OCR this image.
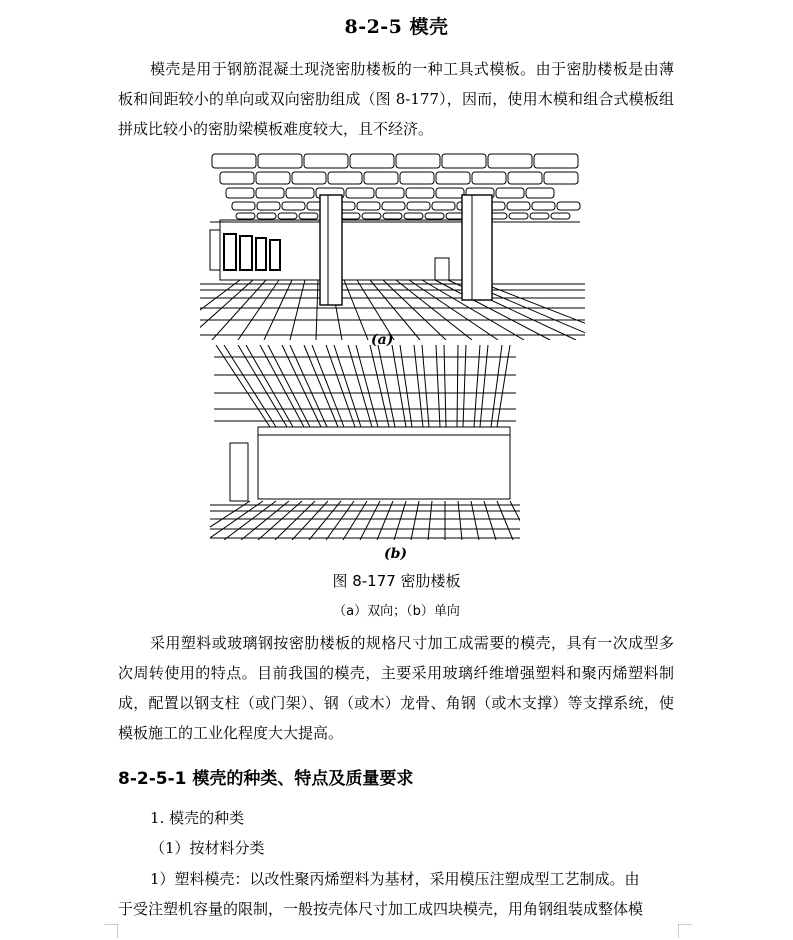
8-2-5 模壳

模壳是用于钢筋混凝土现浇密肋楼板的一种工具式模板。由于密肋楼板是由薄板和间距较小的单向或双向密肋组成（图 8-177），因而，使用木模和组合式模板组拼成比较小的密肋梁模板难度较大，且不经济。

(a)
(b)
图 8-177 密肋楼板
（a）双向；（b）单向

采用塑料或玻璃钢按密肋楼板的规格尺寸加工成需要的模壳，具有一次成型多次周转使用的特点。目前我国的模壳，主要采用玻璃纤维增强塑料和聚丙烯塑料制成，配置以钢支柱（或门架）、钢（或木）龙骨、角钢（或木支撑）等支撑系统，使模板施工的工业化程度大大提高。

8-2-5-1 模壳的种类、特点及质量要求
1. 模壳的种类
（1）按材料分类
1）塑料模壳：以改性聚丙烯塑料为基材，采用模压注塑成型工艺制成。由
于受注塑机容量的限制，一般按壳体尺寸加工成四块模壳，用角钢组装成整体模
